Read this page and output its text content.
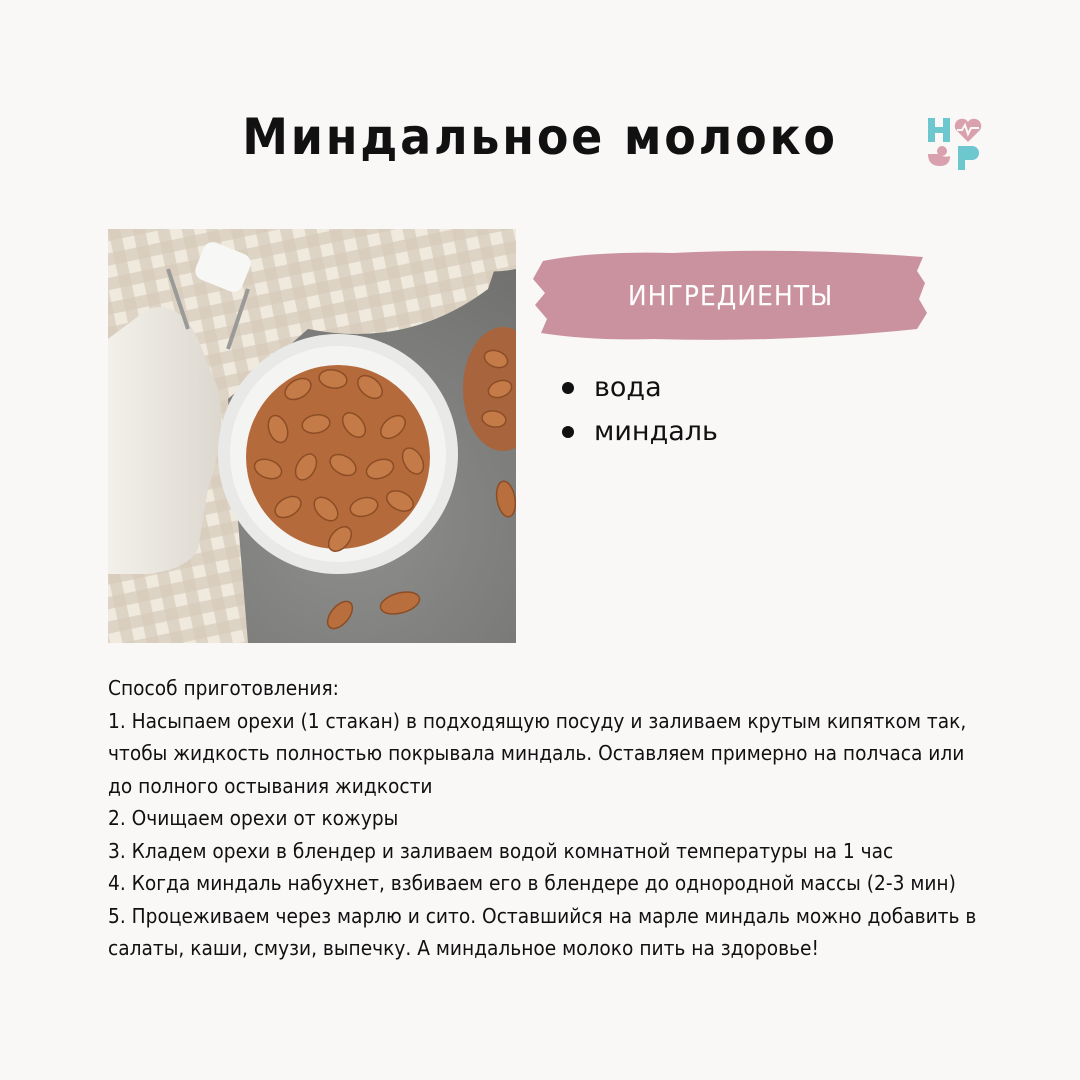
Миндальное молоко
ИНГРЕДИЕНТЫ
вода
миндаль
Способ приготовления:
1. Насыпаем орехи (1 стакан) в подходящую посуду и заливаем крутым кипятком так, чтобы жидкость полностью покрывала миндаль. Оставляем примерно на полчаса или до полного остывания жидкости
2. Очищаем орехи от кожуры
3. Кладем орехи в блендер и заливаем водой комнатной температуры на 1 час
4. Когда миндаль набухнет, взбиваем его в блендере до однородной массы (2-3 мин)
5. Процеживаем через марлю и сито. Оставшийся на марле миндаль можно добавить в салаты, каши, смузи, выпечку. А миндальное молоко пить на здоровье!
